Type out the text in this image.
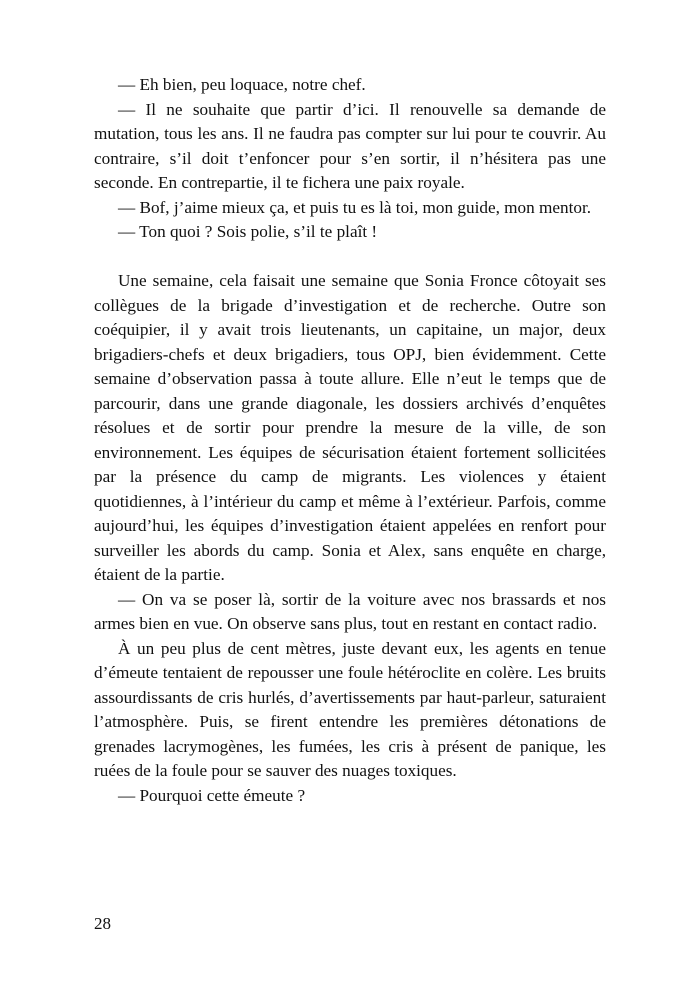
— Eh bien, peu loquace, notre chef.

— Il ne souhaite que partir d’ici. Il renouvelle sa demande de mutation, tous les ans. Il ne faudra pas compter sur lui pour te couvrir. Au contraire, s’il doit t’enfoncer pour s’en sortir, il n’hésitera pas une seconde. En contrepartie, il te fichera une paix royale.

— Bof, j’aime mieux ça, et puis tu es là toi, mon guide, mon mentor.

— Ton quoi ? Sois polie, s’il te plaît !

Une semaine, cela faisait une semaine que Sonia Fronce côtoyait ses collègues de la brigade d’investigation et de recherche. Outre son coéquipier, il y avait trois lieutenants, un capitaine, un major, deux brigadiers-chefs et deux brigadiers, tous OPJ, bien évidemment. Cette semaine d’observation passa à toute allure. Elle n’eut le temps que de parcourir, dans une grande diagonale, les dossiers archivés d’enquêtes résolues et de sortir pour prendre la mesure de la ville, de son environnement. Les équipes de sécurisation étaient fortement sollicitées par la présence du camp de migrants. Les violences y étaient quotidiennes, à l’intérieur du camp et même à l’extérieur. Parfois, comme aujourd’hui, les équipes d’investigation étaient appelées en renfort pour surveiller les abords du camp. Sonia et Alex, sans enquête en charge, étaient de la partie.

— On va se poser là, sortir de la voiture avec nos brassards et nos armes bien en vue. On observe sans plus, tout en restant en contact radio.

À un peu plus de cent mètres, juste devant eux, les agents en tenue d’émeute tentaient de repousser une foule hétéroclite en colère. Les bruits assourdissants de cris hurlés, d’avertissements par haut-parleur, saturaient l’atmosphère. Puis, se firent entendre les premières détonations de grenades lacrymogènes, les fumées, les cris à présent de panique, les ruées de la foule pour se sauver des nuages toxiques.

— Pourquoi cette émeute ?

28
